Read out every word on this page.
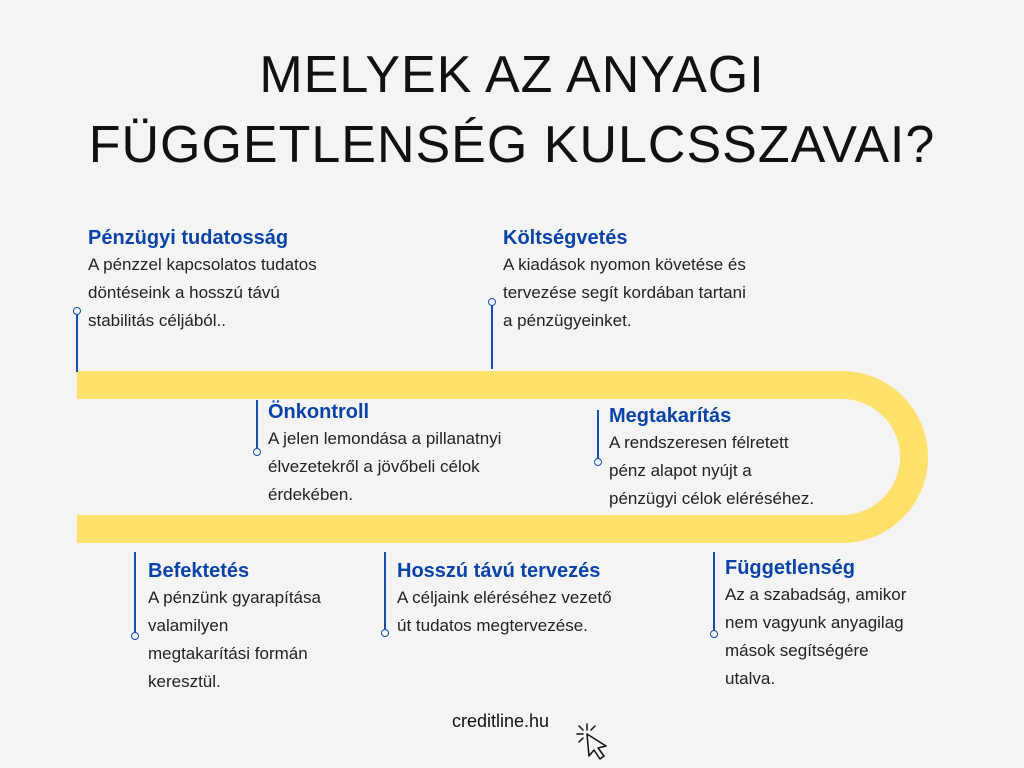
MELYEK AZ ANYAGI
FÜGGETLENSÉG KULCSSZAVAI?
Pénzügyi tudatosság
A pénzzel kapcsolatos tudatos
döntéseink a hosszú távú
stabilitás céljából..
Költségvetés
A kiadások nyomon követése és
tervezése segít kordában tartani
a pénzügyeinket.
Önkontroll
A jelen lemondása a pillanatnyi
élvezetekről a jövőbeli célok
érdekében.
Megtakarítás
A rendszeresen félretett
pénz alapot nyújt a
pénzügyi célok eléréséhez.
Befektetés
A pénzünk gyarapítása
valamilyen
megtakarítási formán
keresztül.
Hosszú távú tervezés
A céljaink eléréséhez vezető
út tudatos megtervezése.
Függetlenség
Az a szabadság, amikor
nem vagyunk anyagilag
mások segítségére
utalva.
creditline.hu
